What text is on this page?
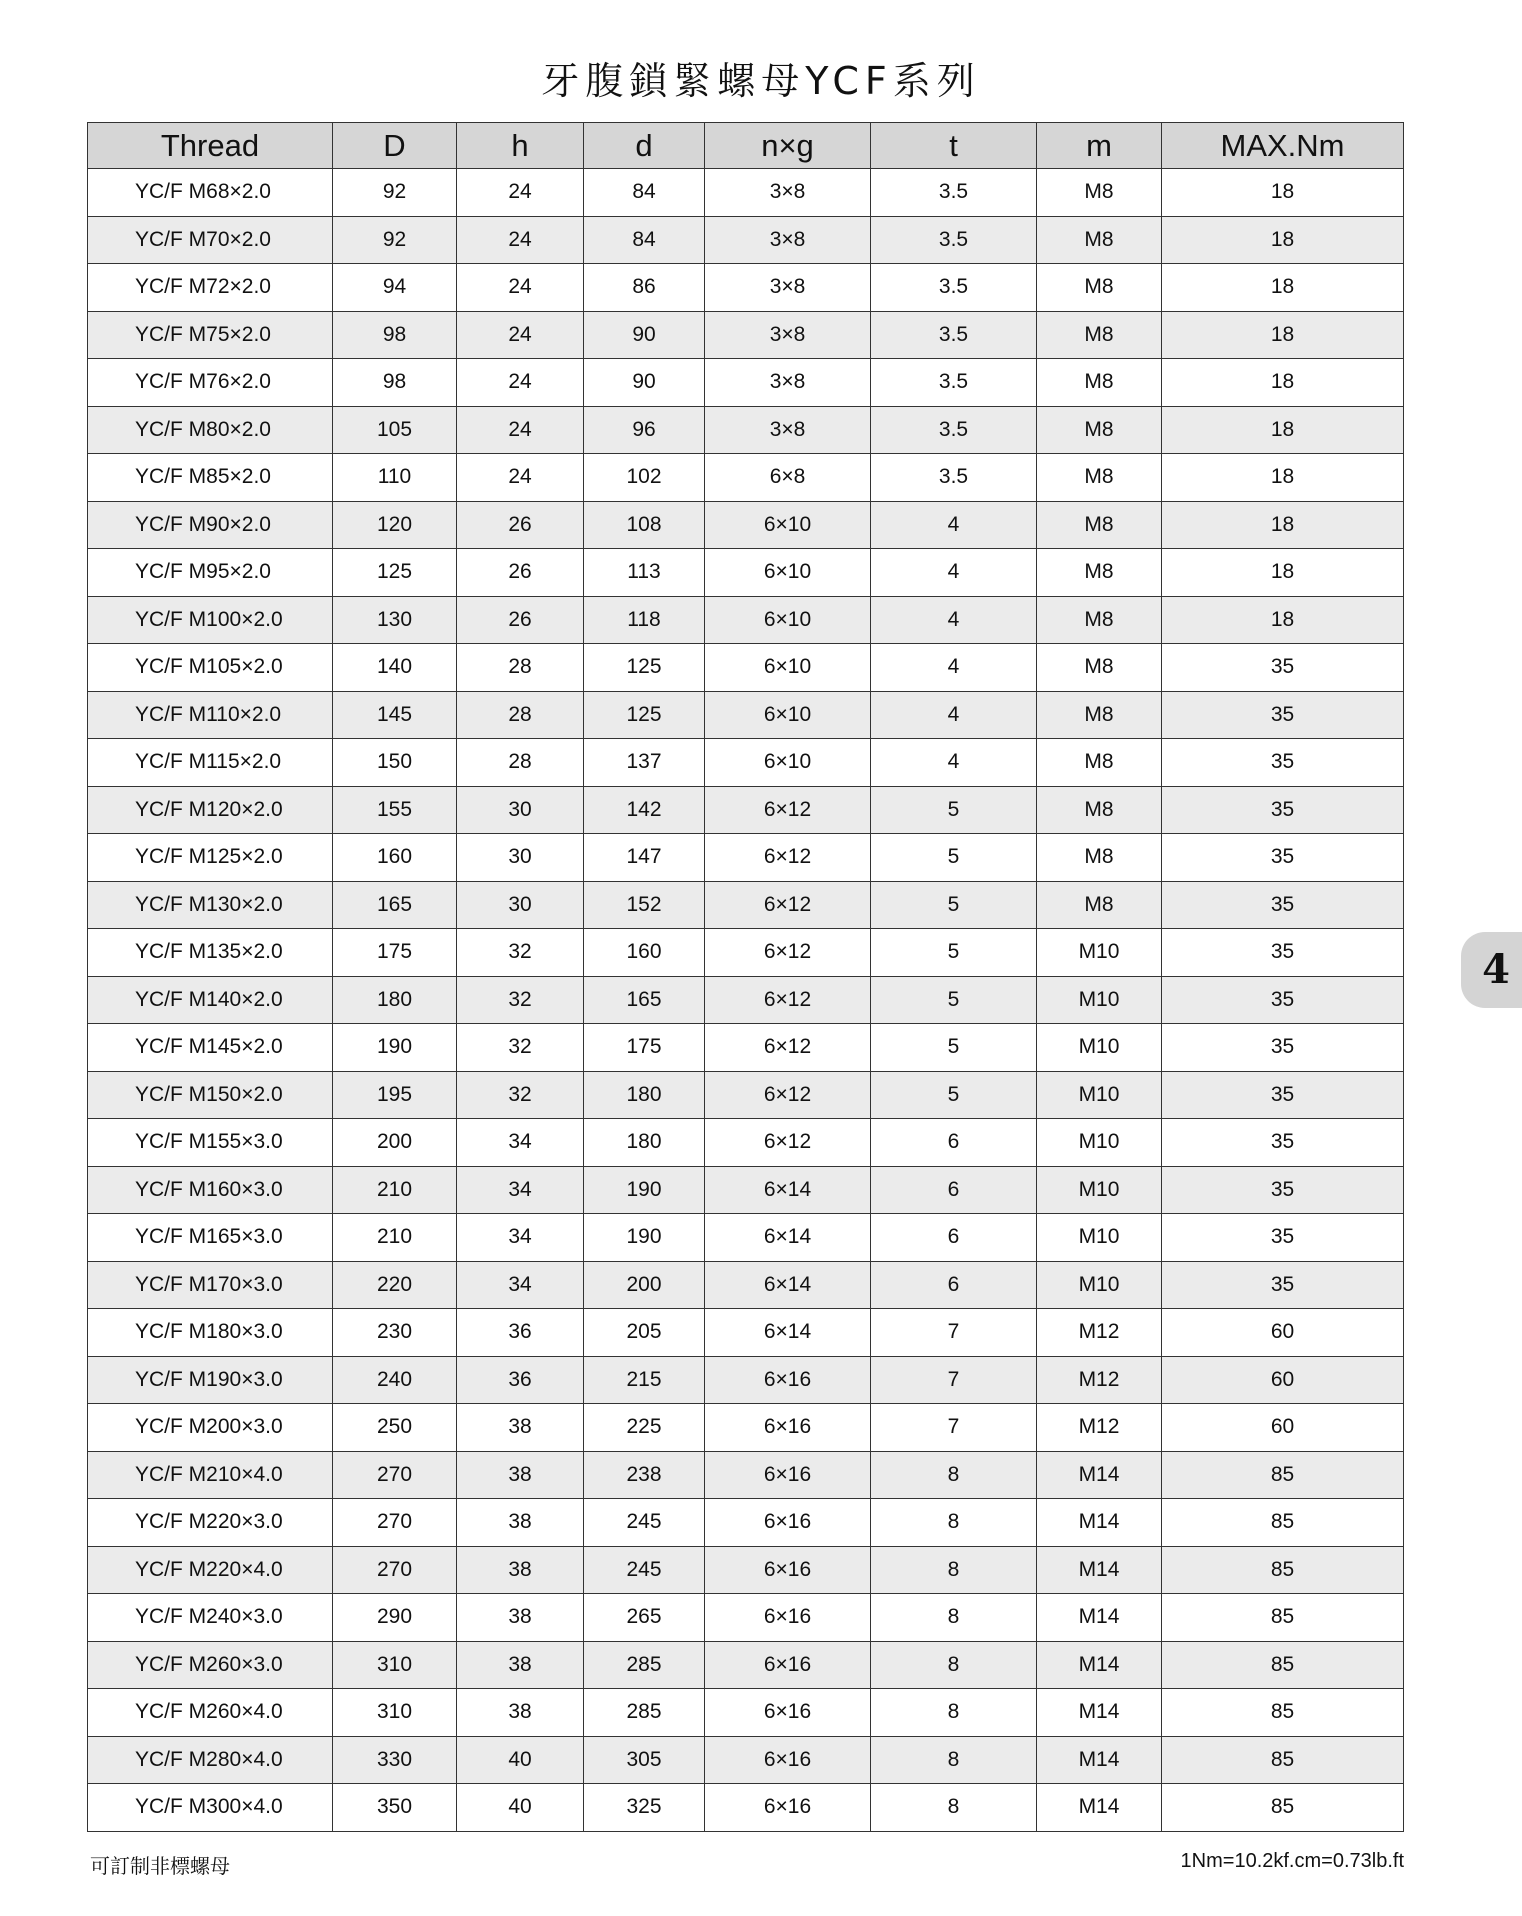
牙腹鎖緊螺母YCF系列
Thread	D	h	d	n×g	t	m	MAX.Nm
YC/F M68×2.0	92	24	84	3×8	3.5	M8	18
YC/F M70×2.0	92	24	84	3×8	3.5	M8	18
YC/F M72×2.0	94	24	86	3×8	3.5	M8	18
YC/F M75×2.0	98	24	90	3×8	3.5	M8	18
YC/F M76×2.0	98	24	90	3×8	3.5	M8	18
YC/F M80×2.0	105	24	96	3×8	3.5	M8	18
YC/F M85×2.0	110	24	102	6×8	3.5	M8	18
YC/F M90×2.0	120	26	108	6×10	4	M8	18
YC/F M95×2.0	125	26	113	6×10	4	M8	18
YC/F M100×2.0	130	26	118	6×10	4	M8	18
YC/F M105×2.0	140	28	125	6×10	4	M8	35
YC/F M110×2.0	145	28	125	6×10	4	M8	35
YC/F M115×2.0	150	28	137	6×10	4	M8	35
YC/F M120×2.0	155	30	142	6×12	5	M8	35
YC/F M125×2.0	160	30	147	6×12	5	M8	35
YC/F M130×2.0	165	30	152	6×12	5	M8	35
YC/F M135×2.0	175	32	160	6×12	5	M10	35
YC/F M140×2.0	180	32	165	6×12	5	M10	35
YC/F M145×2.0	190	32	175	6×12	5	M10	35
YC/F M150×2.0	195	32	180	6×12	5	M10	35
YC/F M155×3.0	200	34	180	6×12	6	M10	35
YC/F M160×3.0	210	34	190	6×14	6	M10	35
YC/F M165×3.0	210	34	190	6×14	6	M10	35
YC/F M170×3.0	220	34	200	6×14	6	M10	35
YC/F M180×3.0	230	36	205	6×14	7	M12	60
YC/F M190×3.0	240	36	215	6×16	7	M12	60
YC/F M200×3.0	250	38	225	6×16	7	M12	60
YC/F M210×4.0	270	38	238	6×16	8	M14	85
YC/F M220×3.0	270	38	245	6×16	8	M14	85
YC/F M220×4.0	270	38	245	6×16	8	M14	85
YC/F M240×3.0	290	38	265	6×16	8	M14	85
YC/F M260×3.0	310	38	285	6×16	8	M14	85
YC/F M260×4.0	310	38	285	6×16	8	M14	85
YC/F M280×4.0	330	40	305	6×16	8	M14	85
YC/F M300×4.0	350	40	325	6×16	8	M14	85
可訂制非標螺母	1Nm=10.2kf.cm=0.73lb.ft
4
